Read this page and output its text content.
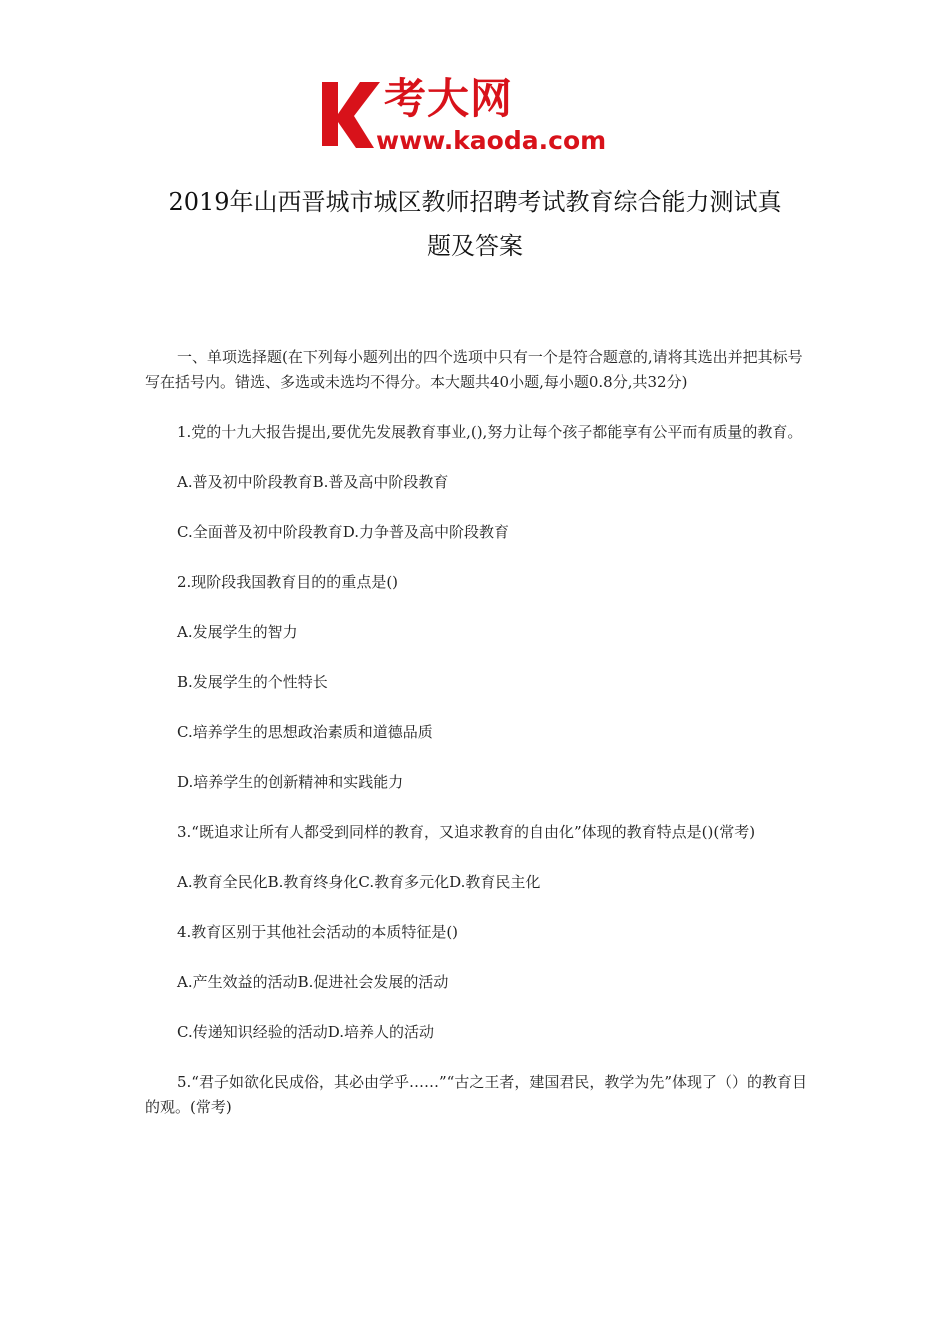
考大网
www.kaoda.com
2019年山西晋城市城区教师招聘考试教育综合能力测试真
题及答案

一、单项选择题(在下列每小题列出的四个选项中只有一个是符合题意的,请将其选出并把其标号写在括号内。错选、多选或未选均不得分。本大题共40小题,每小题0.8分,共32分)

1.党的十九大报告提出,要优先发展教育事业,(),努力让每个孩子都能享有公平而有质量的教育。

A.普及初中阶段教育B.普及高中阶段教育

C.全面普及初中阶段教育D.力争普及高中阶段教育

2.现阶段我国教育目的的重点是()

A.发展学生的智力

B.发展学生的个性特长

C.培养学生的思想政治素质和道德品质

D.培养学生的创新精神和实践能力

3.“既追求让所有人都受到同样的教育，又追求教育的自由化”体现的教育特点是()(常考)

A.教育全民化B.教育终身化C.教育多元化D.教育民主化

4.教育区别于其他社会活动的本质特征是()

A.产生效益的活动B.促进社会发展的活动

C.传递知识经验的活动D.培养人的活动

5.“君子如欲化民成俗，其必由学乎……”“古之王者，建国君民，教学为先”体现了（）的教育目的观。(常考)
